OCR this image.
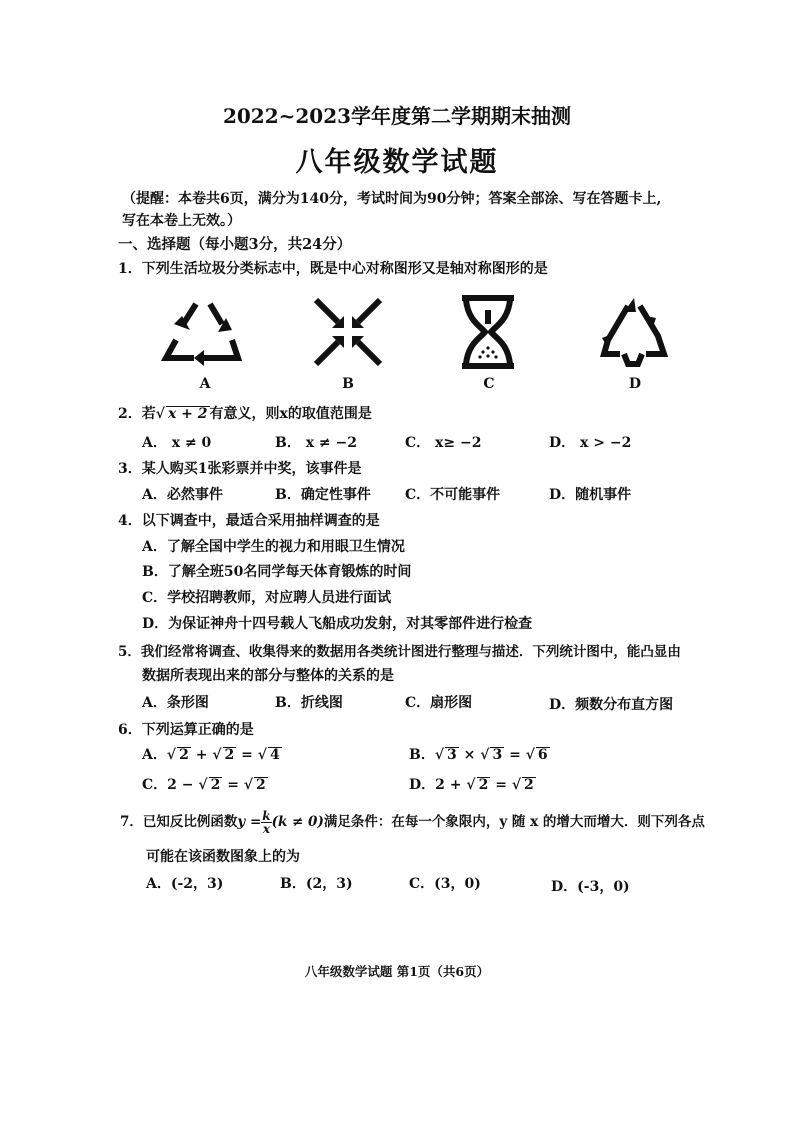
2022~2023学年度第二学期期末抽测
八年级数学试题
（提醒：本卷共6页，满分为140分，考试时间为90分钟；答案全部涂、写在答题卡上,
写在本卷上无效。）
一、选择题（每小题3分，共24分）
1．下列生活垃圾分类标志中，既是中心对称图形又是轴对称图形的是
A	B	C	D
2．若√ x + 2 有意义，则x的取值范围是
A． x ≠ 0	B． x ≠ −2	C． x≥ −2	D． x > −2
3．某人购买1张彩票并中奖，该事件是
A．必然事件	B．确定性事件 C．不可能事件	D．随机事件
4．以下调查中，最适合采用抽样调查的是
A．了解全国中学生的视力和用眼卫生情况
B．了解全班50名同学每天体育锻炼的时间
C．学校招聘教师，对应聘人员进行面试
D．为保证神舟十四号载人飞船成功发射，对其零部件进行检查
5．我们经常将调查、收集得来的数据用各类统计图进行整理与描述．下列统计图中，能凸显由
数据所表现出来的部分与整体的关系的是
A．条形图	B．折线图	C．扇形图	D．频数分布直方图
6．下列运算正确的是
A．√ 2 + √ 2 = √ 4	B．√ 3 × √ 3 = √ 6
C．2 − √ 2 = √ 2	D．2 + √ 2 = √ 2
7．已知反比例函数$y = \frac{k}{x} (k \ne 0)$满足条件：在每一个象限内，y 随 x 的增大而增大．则下列各点
可能在该函数图象上的为
A．(-2，3)	B．(2，3)	C．(3，0)	D．(-3，0)
八年级数学试题 第1页（共6页）
